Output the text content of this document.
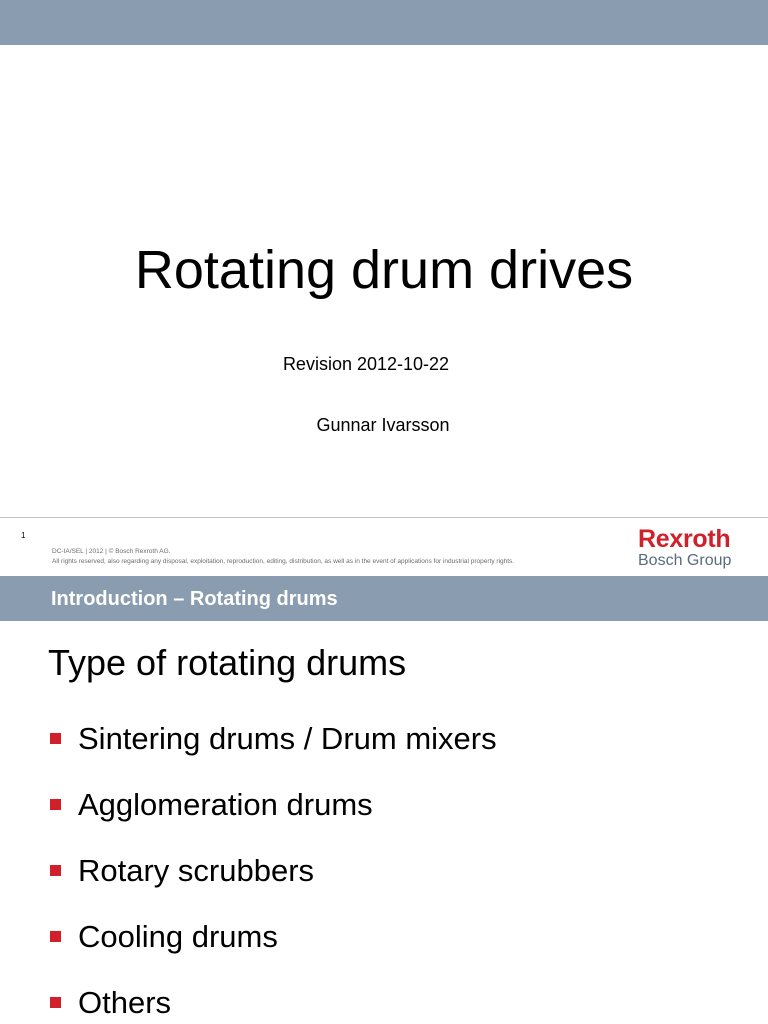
Rotating drum drives
Revision 2012-10-22
Gunnar Ivarsson
1
DC-IA/SEL | 2012 | © Bosch Rexroth AG.
All rights reserved, also regarding any disposal, exploitation, reproduction, editing, distribution, as well as in the event of applications for industrial property rights.
Rexroth
Bosch Group
Introduction – Rotating drums
Type of rotating drums
Sintering drums / Drum mixers
Agglomeration drums
Rotary scrubbers
Cooling drums
Others
